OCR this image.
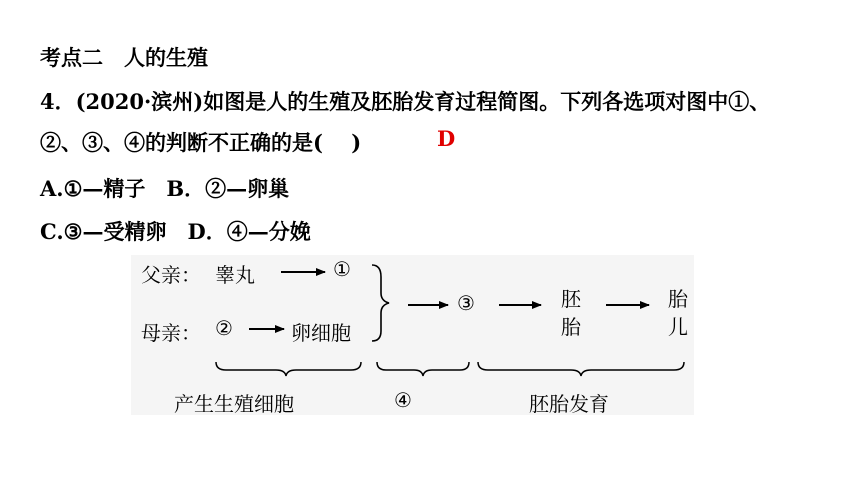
考点二　人的生殖
4．(2020·滨州)如图是人的生殖及胚胎发育过程简图。下列各选项对图中①、
②、③、④的判断不正确的是(　 )	D
A.①—精子　B．②—卵巢
C.③—受精卵　D．④—分娩
父亲： 睾丸	①
母亲： ②	卵细胞
③	胚
胎
胎
儿
产生生殖细胞	④	胚胎发育
